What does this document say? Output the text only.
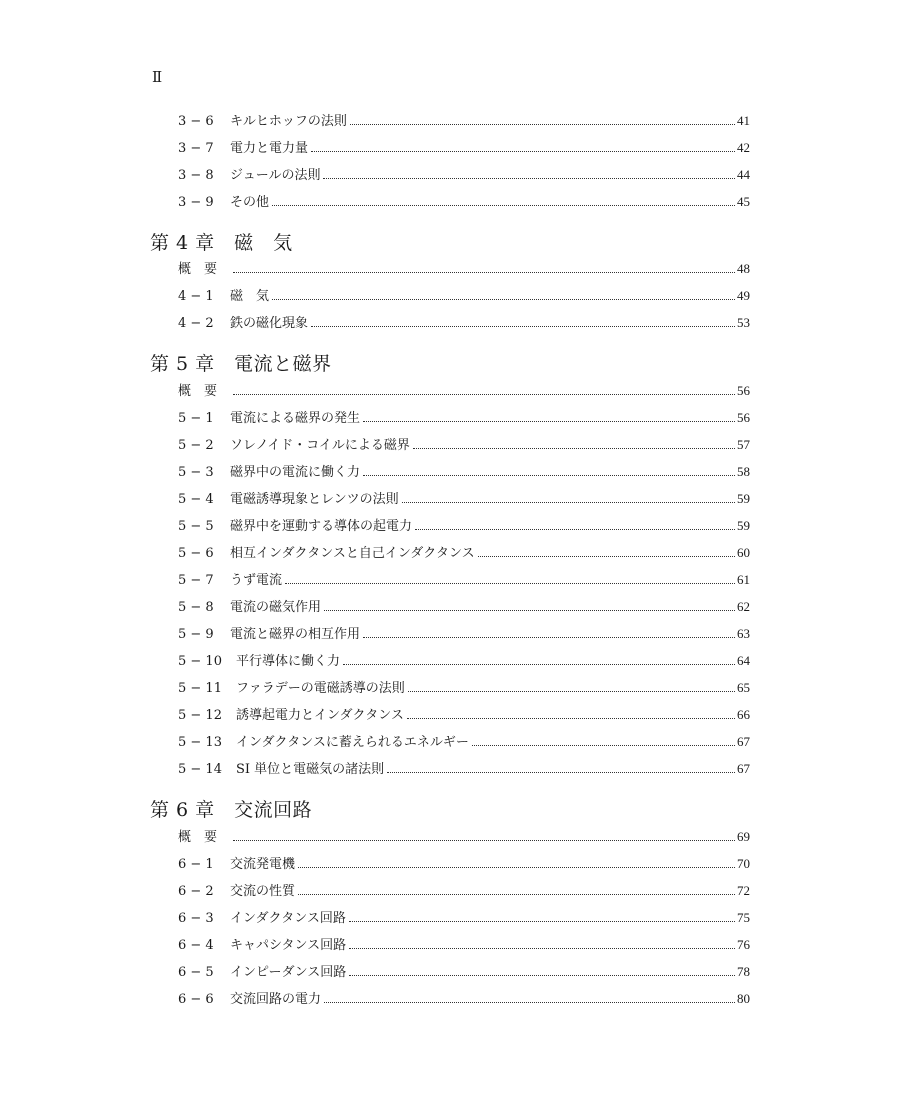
Ⅱ
3 − 6	キルヒホッフの法則	41
3 − 7	電力と電力量	42
3 − 8	ジュールの法則	44
3 − 9	その他	45
第 4 章　磁　気
概　要	48
4 − 1	磁　気	49
4 − 2	鉄の磁化現象	53
第 5 章　電流と磁界
概　要	56
5 − 1	電流による磁界の発生	56
5 − 2	ソレノイド・コイルによる磁界	57
5 − 3	磁界中の電流に働く力	58
5 − 4	電磁誘導現象とレンツの法則	59
5 − 5	磁界中を運動する導体の起電力	59
5 − 6	相互インダクタンスと自己インダクタンス	60
5 − 7	うず電流	61
5 − 8	電流の磁気作用	62
5 − 9	電流と磁界の相互作用	63
5 − 10	平行導体に働く力	64
5 − 11	ファラデーの電磁誘導の法則	65
5 − 12	誘導起電力とインダクタンス	66
5 − 13	インダクタンスに蓄えられるエネルギー	67
5 − 14	SI 単位と電磁気の諸法則	67
第 6 章　交流回路
概　要	69
6 − 1	交流発電機	70
6 − 2	交流の性質	72
6 − 3	インダクタンス回路	75
6 − 4	キャパシタンス回路	76
6 − 5	インピーダンス回路	78
6 − 6	交流回路の電力	80
